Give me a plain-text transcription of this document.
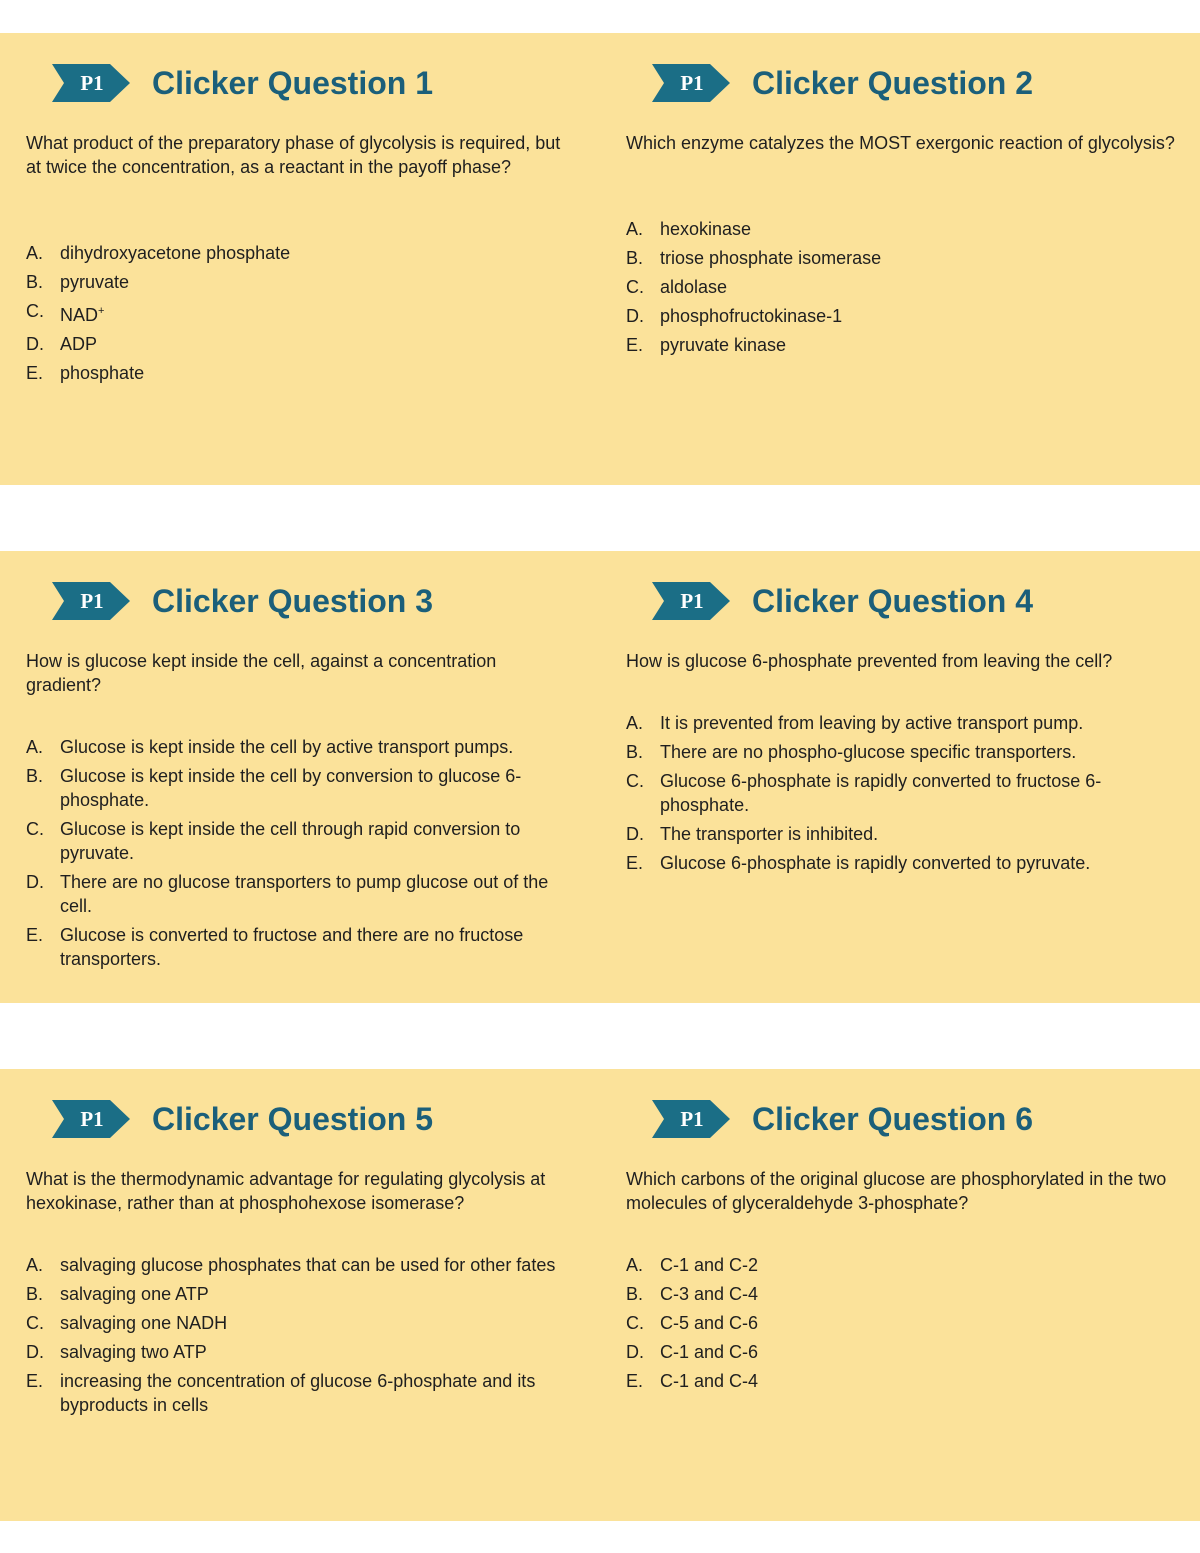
P1	Clicker Question 1
What product of the preparatory phase of glycolysis is required, but at twice the concentration, as a reactant in the payoff phase?
A. dihydroxyacetone phosphate
B. pyruvate
C. NAD+
D. ADP
E. phosphate
P1	Clicker Question 2
Which enzyme catalyzes the MOST exergonic reaction of glycolysis?
A. hexokinase
B. triose phosphate isomerase
C. aldolase
D. phosphofructokinase-1
E. pyruvate kinase
P1	Clicker Question 3
How is glucose kept inside the cell, against a concentration gradient?
A. Glucose is kept inside the cell by active transport pumps.
B. Glucose is kept inside the cell by conversion to glucose 6-phosphate.
C. Glucose is kept inside the cell through rapid conversion to pyruvate.
D. There are no glucose transporters to pump glucose out of the cell.
E. Glucose is converted to fructose and there are no fructose transporters.
P1	Clicker Question 4
How is glucose 6-phosphate prevented from leaving the cell?
A. It is prevented from leaving by active transport pump.
B. There are no phospho-glucose specific transporters.
C. Glucose 6-phosphate is rapidly converted to fructose 6-phosphate.
D. The transporter is inhibited.
E. Glucose 6-phosphate is rapidly converted to pyruvate.
P1	Clicker Question 5
What is the thermodynamic advantage for regulating glycolysis at hexokinase, rather than at phosphohexose isomerase?
A. salvaging glucose phosphates that can be used for other fates
B. salvaging one ATP
C. salvaging one NADH
D. salvaging two ATP
E. increasing the concentration of glucose 6-phosphate and its byproducts in cells
P1	Clicker Question 6
Which carbons of the original glucose are phosphorylated in the two molecules of glyceraldehyde 3-phosphate?
A. C-1 and C-2
B. C-3 and C-4
C. C-5 and C-6
D. C-1 and C-6
E. C-1 and C-4
